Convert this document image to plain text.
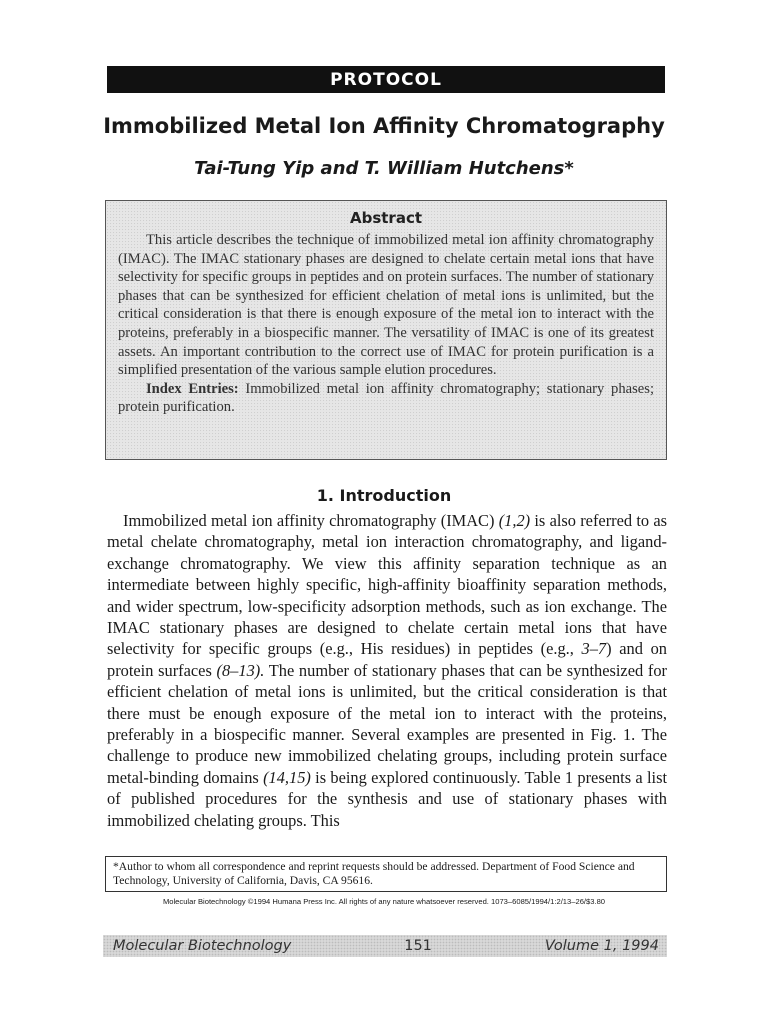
PROTOCOL
Immobilized Metal Ion Affinity Chromatography
Tai-Tung Yip and T. William Hutchens*
Abstract

This article describes the technique of immobilized metal ion affinity chromatography (IMAC). The IMAC stationary phases are designed to chelate certain metal ions that have selectivity for specific groups in peptides and on protein surfaces. The number of stationary phases that can be synthesized for efficient chelation of metal ions is unlimited, but the critical consideration is that there is enough exposure of the metal ion to interact with the proteins, preferably in a biospecific manner. The versatility of IMAC is one of its greatest assets. An important contribution to the correct use of IMAC for protein purification is a simplified presentation of the various sample elution procedures.

Index Entries: Immobilized metal ion affinity chromatography; stationary phases; protein purification.

1. Introduction

Immobilized metal ion affinity chromatography (IMAC) (1,2) is also referred to as metal chelate chromatography, metal ion interaction chromatography, and ligand-exchange chromatography. We view this affinity separation technique as an intermediate between highly specific, high-affinity bioaffinity separation methods, and wider spectrum, low-specificity adsorption methods, such as ion exchange. The IMAC stationary phases are designed to chelate certain metal ions that have selectivity for specific groups (e.g., His residues) in peptides (e.g., 3–7) and on protein surfaces (8–13). The number of stationary phases that can be synthesized for efficient chelation of metal ions is unlimited, but the critical consideration is that there must be enough exposure of the metal ion to interact with the proteins, preferably in a biospecific manner. Several examples are presented in Fig. 1. The challenge to produce new immobilized chelating groups, including protein surface metal-binding domains (14,15) is being explored continuously. Table 1 presents a list of published procedures for the synthesis and use of stationary phases with immobilized chelating groups. This

*Author to whom all correspondence and reprint requests should be addressed. Department of Food Science and Technology, University of California, Davis, CA 95616.
Molecular Biotechnology ©1994 Humana Press Inc. All rights of any nature whatsoever reserved. 1073–6085/1994/1:2/13–26/$3.80
Molecular Biotechnology	151	Volume 1, 1994
